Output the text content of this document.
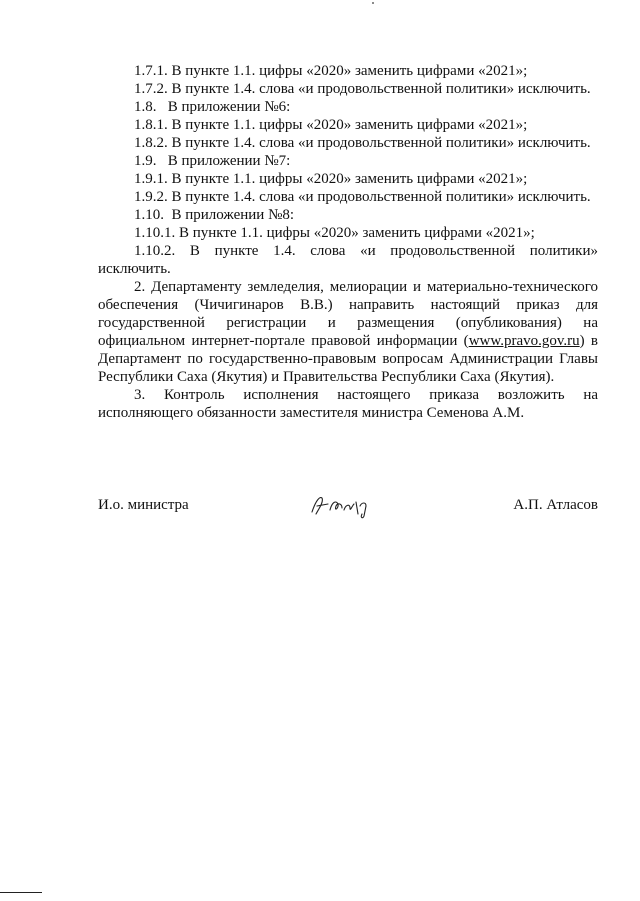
1.7.1. В пункте 1.1. цифры «2020» заменить цифрами «2021»;
1.7.2. В пункте 1.4. слова «и продовольственной политики» исключить.
1.8.   В приложении №6:
1.8.1. В пункте 1.1. цифры «2020» заменить цифрами «2021»;
1.8.2. В пункте 1.4. слова «и продовольственной политики» исключить.
1.9.   В приложении №7:
1.9.1. В пункте 1.1. цифры «2020» заменить цифрами «2021»;
1.9.2. В пункте 1.4. слова «и продовольственной политики» исключить.
1.10.  В приложении №8:
1.10.1. В пункте 1.1. цифры «2020» заменить цифрами «2021»;
1.10.2. В пункте 1.4. слова «и продовольственной политики»
исключить.
2. Департаменту земледелия, мелиорации и материально-технического
обеспечения (Чичигинаров В.В.) направить настоящий приказ для
государственной регистрации и размещения (опубликования) на
официальном интернет-портале правовой информации (www.pravo.gov.ru) в
Департамент по государственно-правовым вопросам Администрации Главы
Республики Саха (Якутия) и Правительства Республики Саха (Якутия).
3. Контроль исполнения настоящего приказа возложить на
исполняющего обязанности заместителя министра Семенова А.М.
И.о. министра	А.П. Атласов
